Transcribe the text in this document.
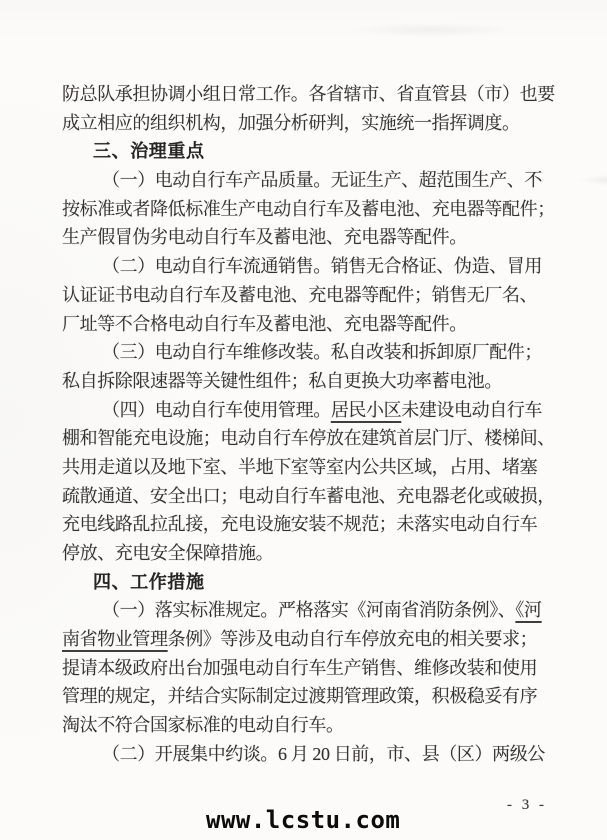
防总队承担协调小组日常工作。各省辖市、省直管县（市）也要
成立相应的组织机构，加强分析研判，实施统一指挥调度。
三、治理重点
（一）电动自行车产品质量。无证生产、超范围生产、不
按标准或者降低标准生产电动自行车及蓄电池、充电器等配件；
生产假冒伪劣电动自行车及蓄电池、充电器等配件。
（二）电动自行车流通销售。销售无合格证、伪造、冒用
认证证书电动自行车及蓄电池、充电器等配件；销售无厂名、
厂址等不合格电动自行车及蓄电池、充电器等配件。
（三）电动自行车维修改装。私自改装和拆卸原厂配件；
私自拆除限速器等关键性组件；私自更换大功率蓄电池。
（四）电动自行车使用管理。居民小区未建设电动自行车
棚和智能充电设施；电动自行车停放在建筑首层门厅、楼梯间、
共用走道以及地下室、半地下室等室内公共区域，占用、堵塞
疏散通道、安全出口；电动自行车蓄电池、充电器老化或破损，
充电线路乱拉乱接，充电设施安装不规范；未落实电动自行车
停放、充电安全保障措施。
四、工作措施
（一）落实标准规定。严格落实《河南省消防条例》、《河
南省物业管理条例》等涉及电动自行车停放充电的相关要求；
提请本级政府出台加强电动自行车生产销售、维修改装和使用
管理的规定，并结合实际制定过渡期管理政策，积极稳妥有序
淘汰不符合国家标准的电动自行车。
（二）开展集中约谈。6 月 20 日前，市、县（区）两级公
- 3 -
www.lcstu.com
